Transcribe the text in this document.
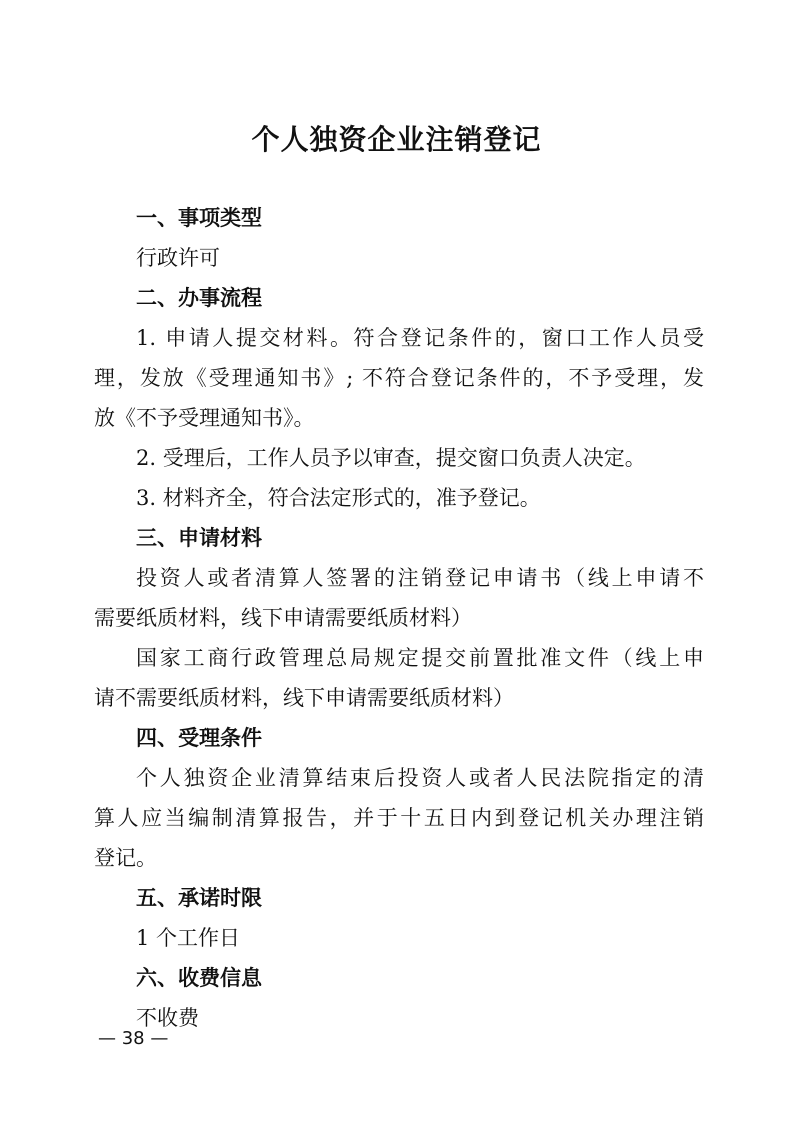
个人独资企业注销登记
一、事项类型
行政许可
二、办事流程
1. 申请人提交材料。符合登记条件的，窗口工作人员受
理，发放《受理通知书》; 不符合登记条件的，不予受理，发
放《不予受理通知书》。
2. 受理后，工作人员予以审查，提交窗口负责人决定。
3. 材料齐全，符合法定形式的，准予登记。
三、申请材料
投资人或者清算人签署的注销登记申请书（线上申请不
需要纸质材料，线下申请需要纸质材料）
国家工商行政管理总局规定提交前置批准文件（线上申
请不需要纸质材料，线下申请需要纸质材料）
四、受理条件
个人独资企业清算结束后投资人或者人民法院指定的清
算人应当编制清算报告，并于十五日内到登记机关办理注销
登记。
五、承诺时限
1 个工作日
六、收费信息
不收费
— 38 —
